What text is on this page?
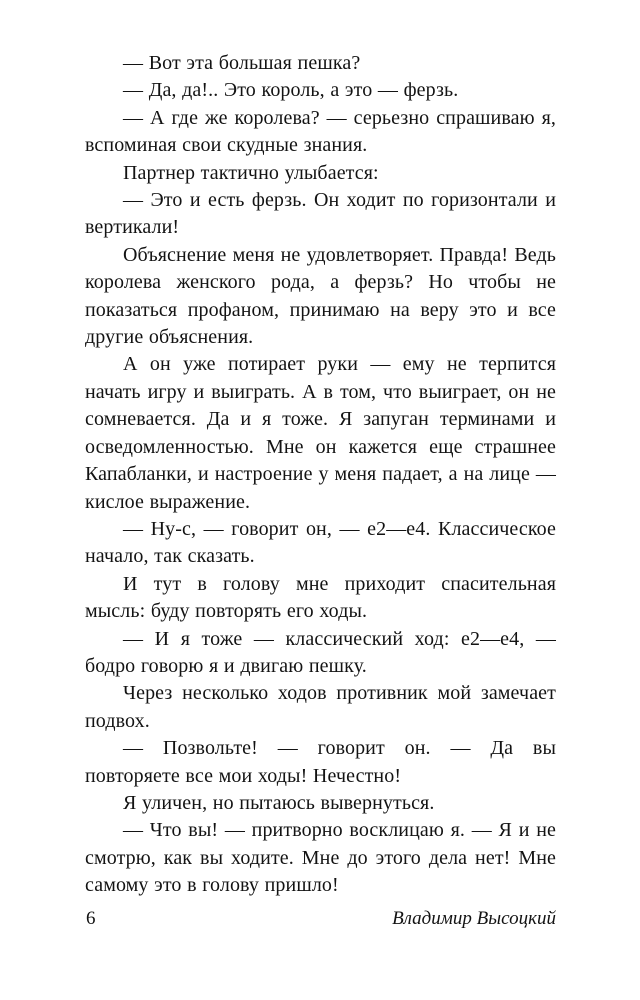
— Вот эта большая пешка?

— Да, да!.. Это король, а это — ферзь.

— А где же королева? — серьезно спрашиваю я, вспоминая свои скудные знания.

Партнер тактично улыбается:

— Это и есть ферзь. Он ходит по горизонтали и вертикали!

Объяснение меня не удовлетворяет. Правда! Ведь королева женского рода, а ферзь? Но чтобы не показаться профаном, принимаю на веру это и все другие объяснения.

А он уже потирает руки — ему не терпится начать игру и выиграть. А в том, что выиграет, он не сомневается. Да и я тоже. Я запуган терминами и осведомленностью. Мне он кажется еще страшнее Капабланки, и настроение у меня падает, а на лице — кислое выражение.

— Ну-с, — говорит он, — е2—е4. Классическое начало, так сказать.

И тут в голову мне приходит спасительная мысль: буду повторять его ходы.

— И я тоже — классический ход: е2—е4, — бодро говорю я и двигаю пешку.

Через несколько ходов противник мой замечает подвох.

— Позвольте! — говорит он. — Да вы повторяете все мои ходы! Нечестно!

Я уличен, но пытаюсь вывернуться.

— Что вы! — притворно восклицаю я. — Я и не смотрю, как вы ходите. Мне до этого дела нет! Мне самому это в голову пришло!

6	Владимир Высоцкий
